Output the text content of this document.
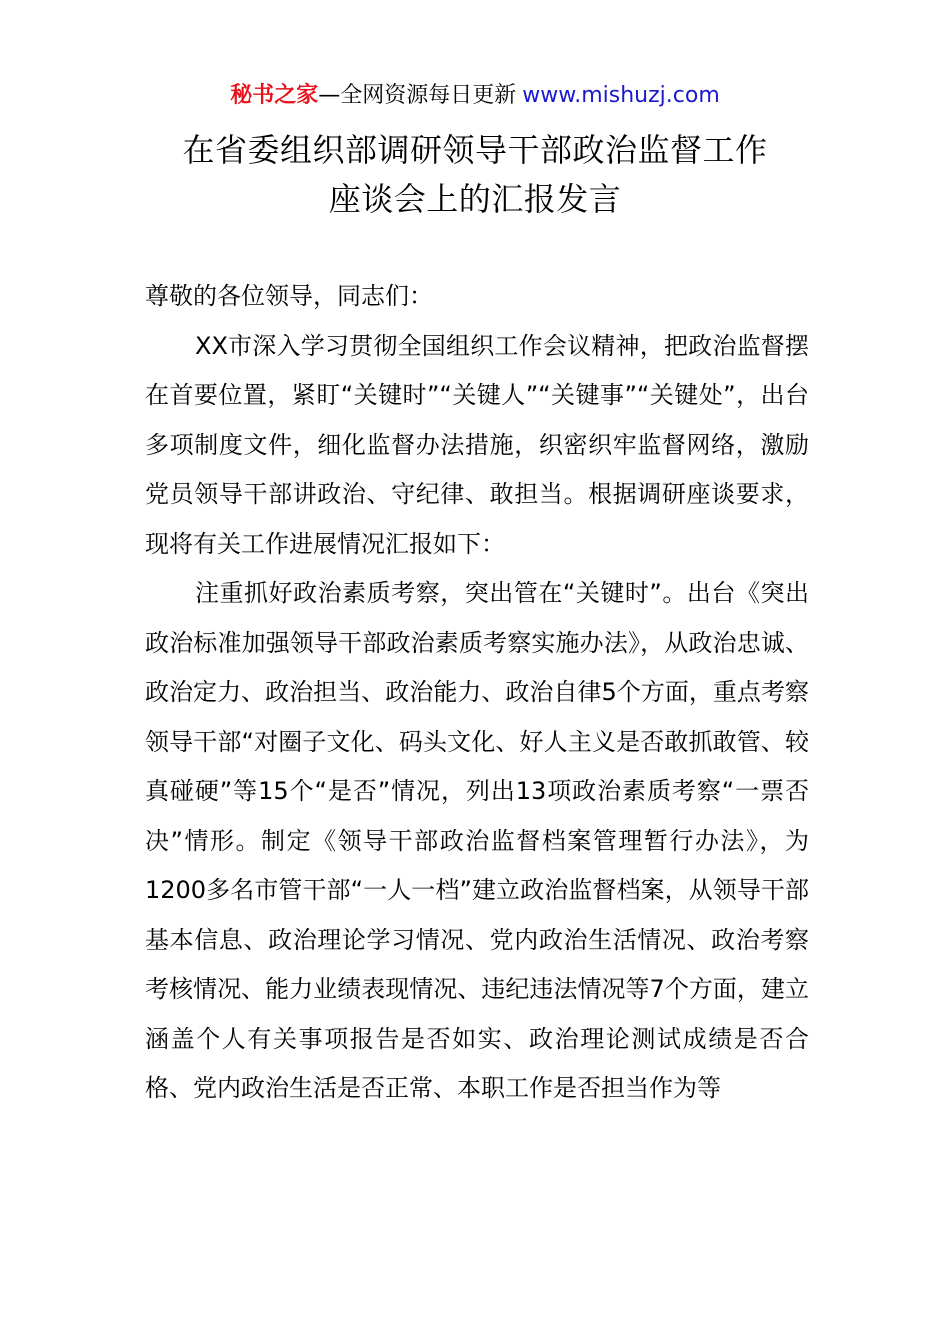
秘书之家—全网资源每日更新 www.mishuzj.com
在省委组织部调研领导干部政治监督工作
座谈会上的汇报发言

尊敬的各位领导，同志们：

XX市深入学习贯彻全国组织工作会议精神，把政治监督摆在首要位置，紧盯“关键时”“关键人”“关键事”“关键处”，出台多项制度文件，细化监督办法措施，织密织牢监督网络，激励党员领导干部讲政治、守纪律、敢担当。根据调研座谈要求，现将有关工作进展情况汇报如下：

注重抓好政治素质考察，突出管在“关键时”。出台《突出政治标准加强领导干部政治素质考察实施办法》，从政治忠诚、政治定力、政治担当、政治能力、政治自律5个方面，重点考察领导干部“对圈子文化、码头文化、好人主义是否敢抓敢管、较真碰硬”等15个“是否”情况，列出13项政治素质考察“一票否决”情形。制定《领导干部政治监督档案管理暂行办法》，为1200多名市管干部“一人一档”建立政治监督档案，从领导干部基本信息、政治理论学习情况、党内政治生活情况、政治考察考核情况、能力业绩表现情况、违纪违法情况等7个方面，建立涵盖个人有关事项报告是否如实、政治理论测试成绩是否合格、党内政治生活是否正常、本职工作是否担当作为等
